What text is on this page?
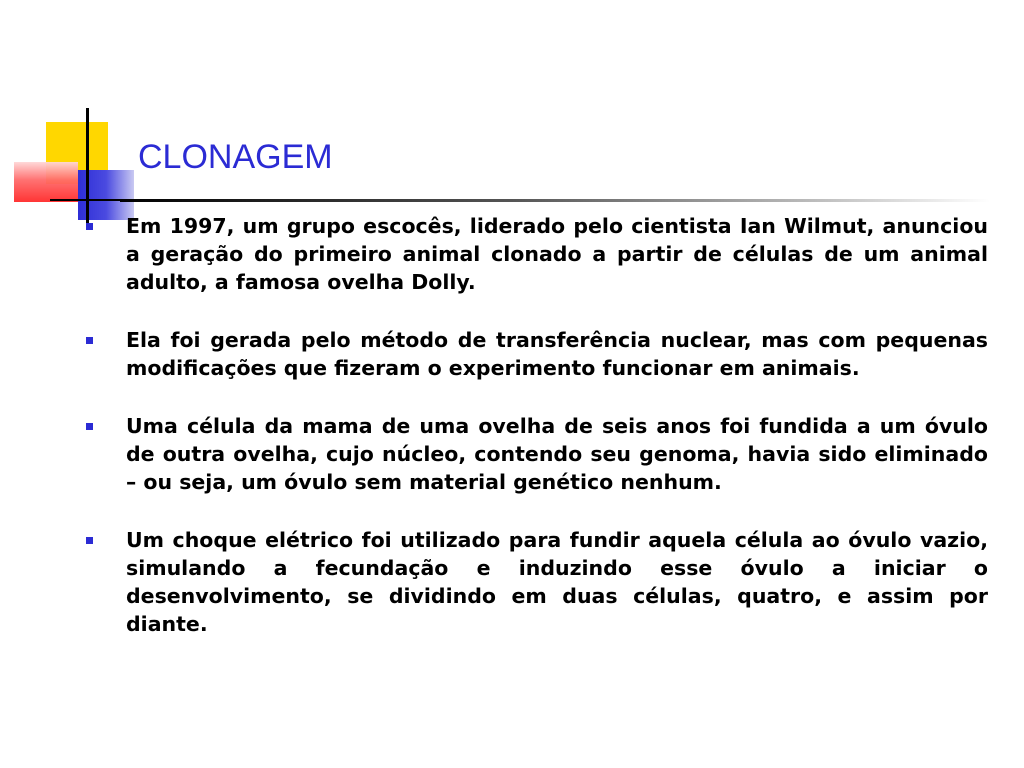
CLONAGEM

Em 1997, um grupo escocês, liderado pelo cientista Ian Wilmut, anunciou a geração do primeiro animal clonado a partir de células de um animal adulto, a famosa ovelha Dolly.

Ela foi gerada pelo método de transferência nuclear, mas com pequenas modificações que fizeram o experimento funcionar em animais.

Uma célula da mama de uma ovelha de seis anos foi fundida a um óvulo de outra ovelha, cujo núcleo, contendo seu genoma, havia sido eliminado – ou seja, um óvulo sem material genético nenhum.

Um choque elétrico foi utilizado para fundir aquela célula ao óvulo vazio, simulando a fecundação e induzindo esse óvulo a iniciar o desenvolvimento, se dividindo em duas células, quatro, e assim por diante.
